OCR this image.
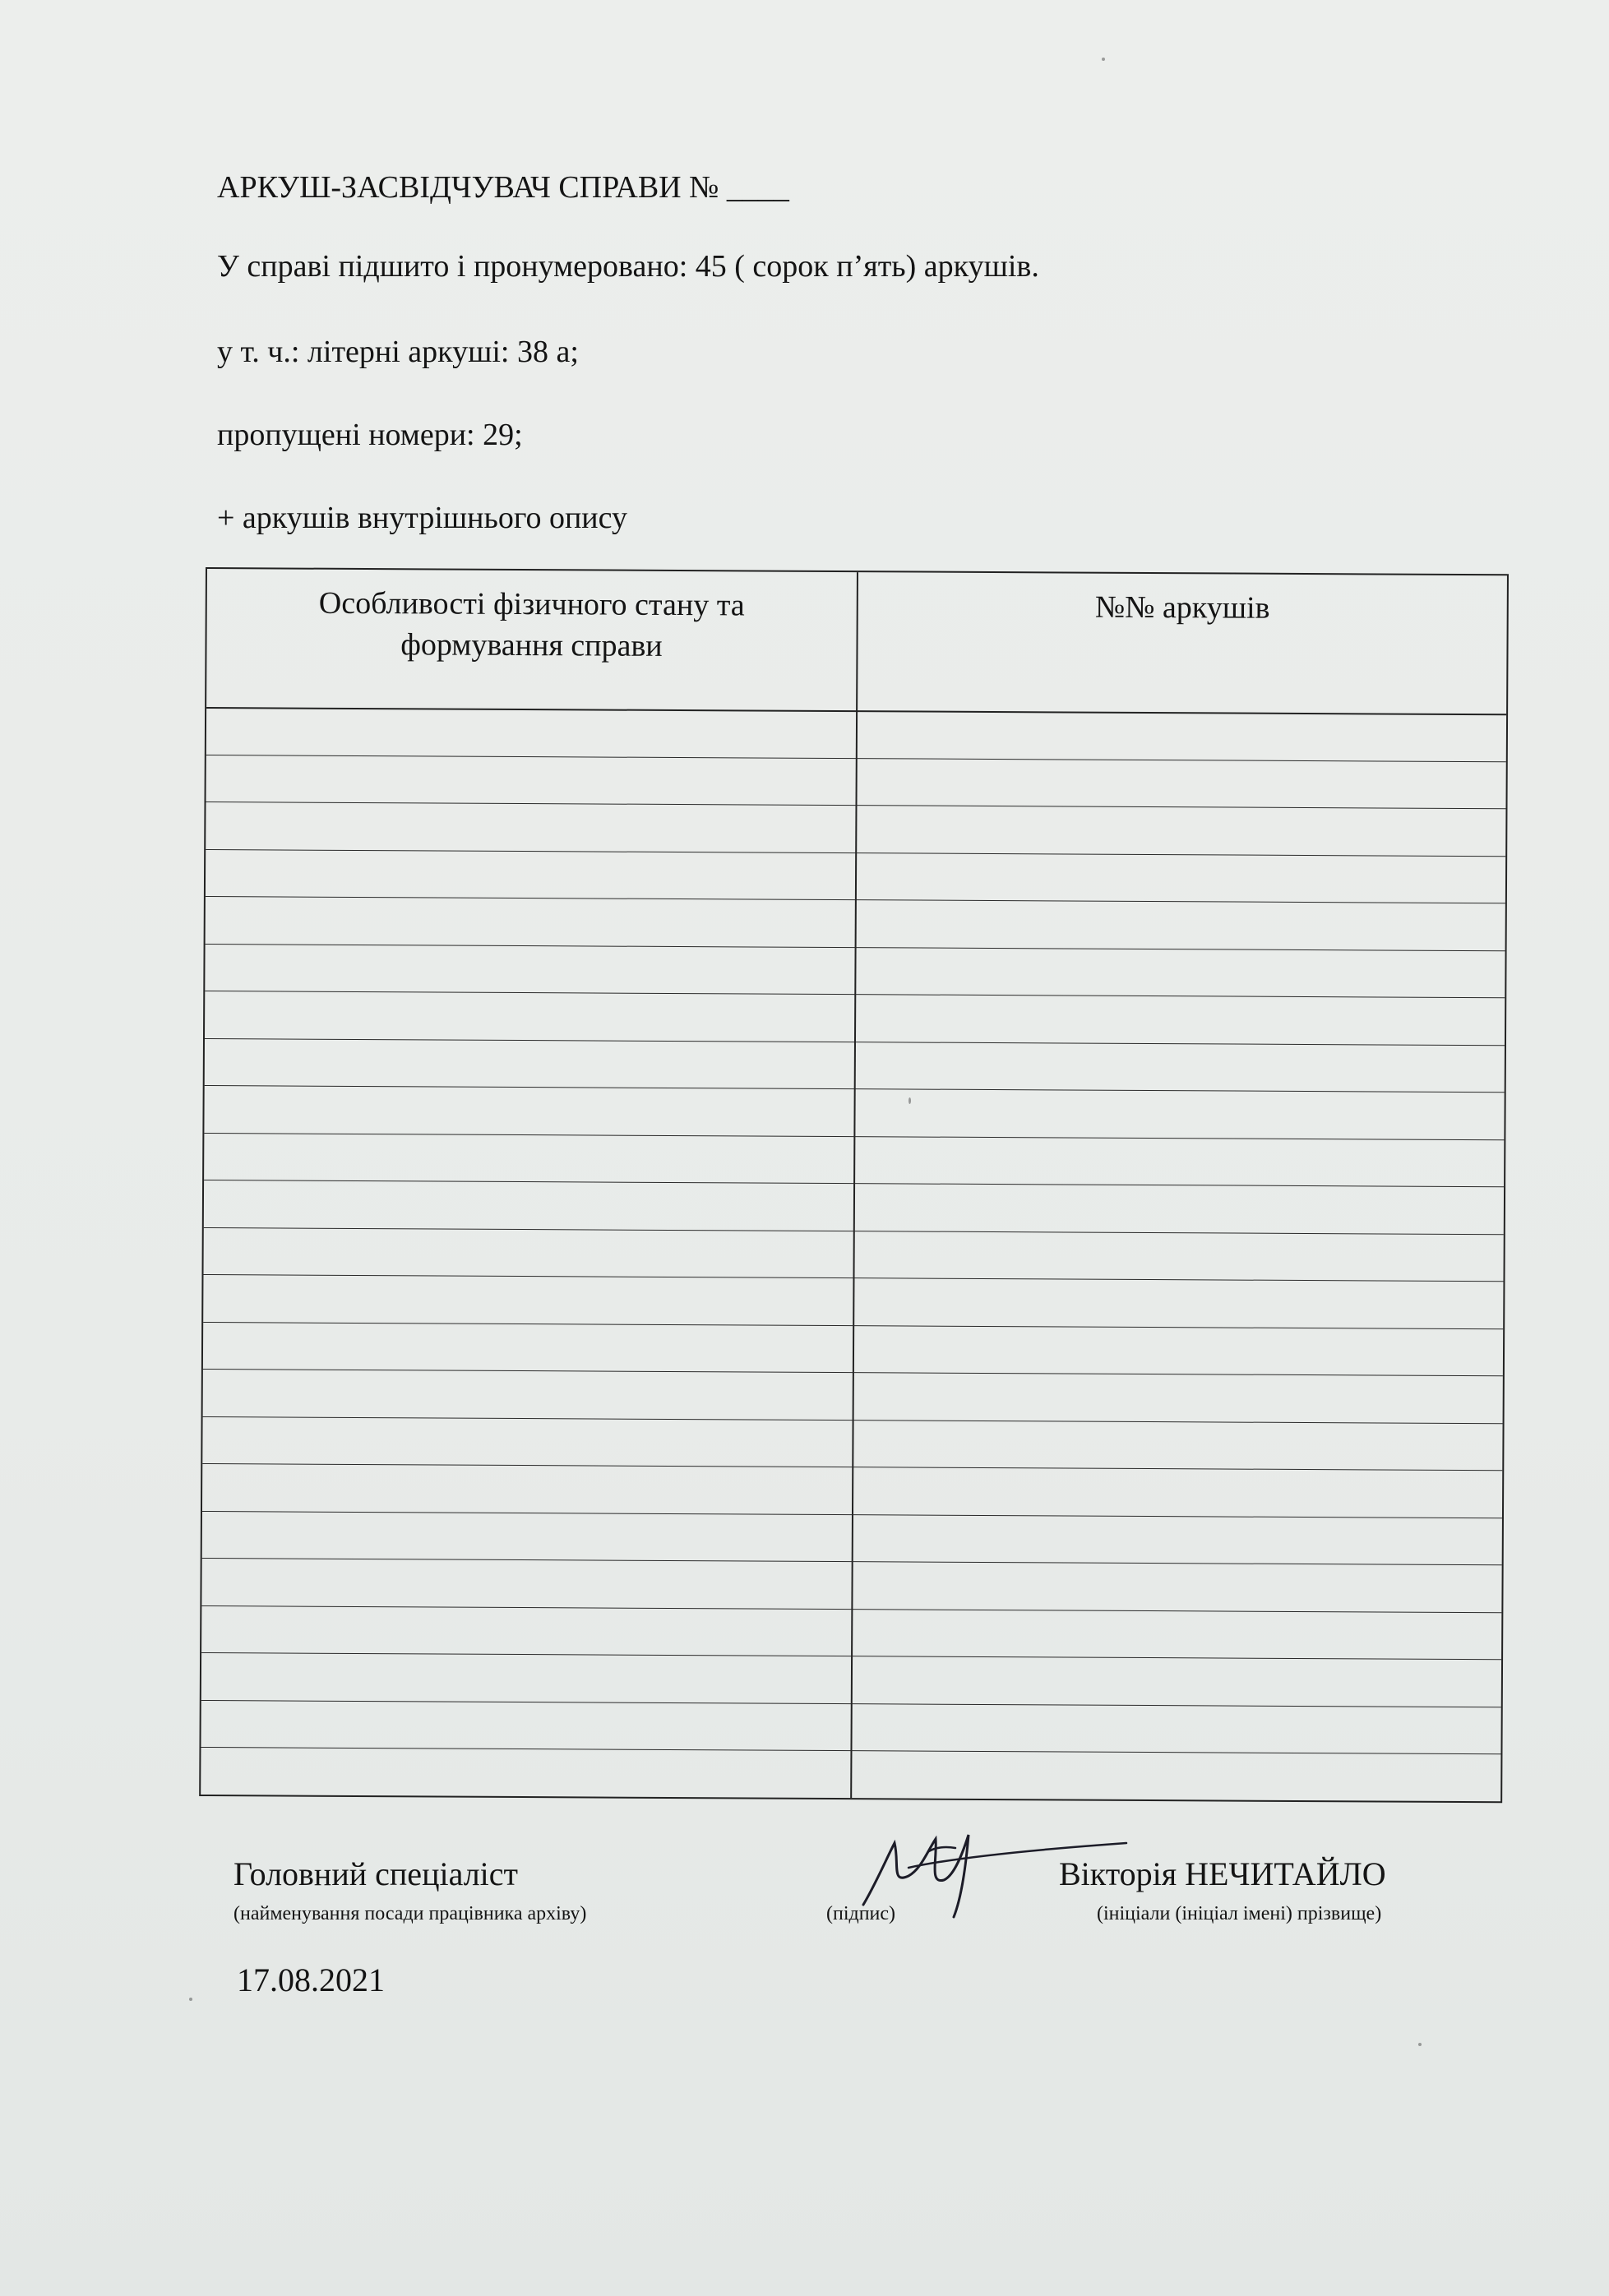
АРКУШ-ЗАСВІДЧУВАЧ СПРАВИ № ____
У справі підшито і пронумеровано: 45 ( сорок п’ять) аркушів.
у т. ч.: літерні аркуші: 38 а;
пропущені номери: 29;
+ аркушів внутрішнього опису
Особливості фізичного стану та
формування справи
№№ аркушів
Головний спеціаліст
(найменування посади працівника архіву)	(підпис)
Вікторія НЕЧИТАЙЛО
(ініціали (ініціал імені) прізвище)
17.08.2021
